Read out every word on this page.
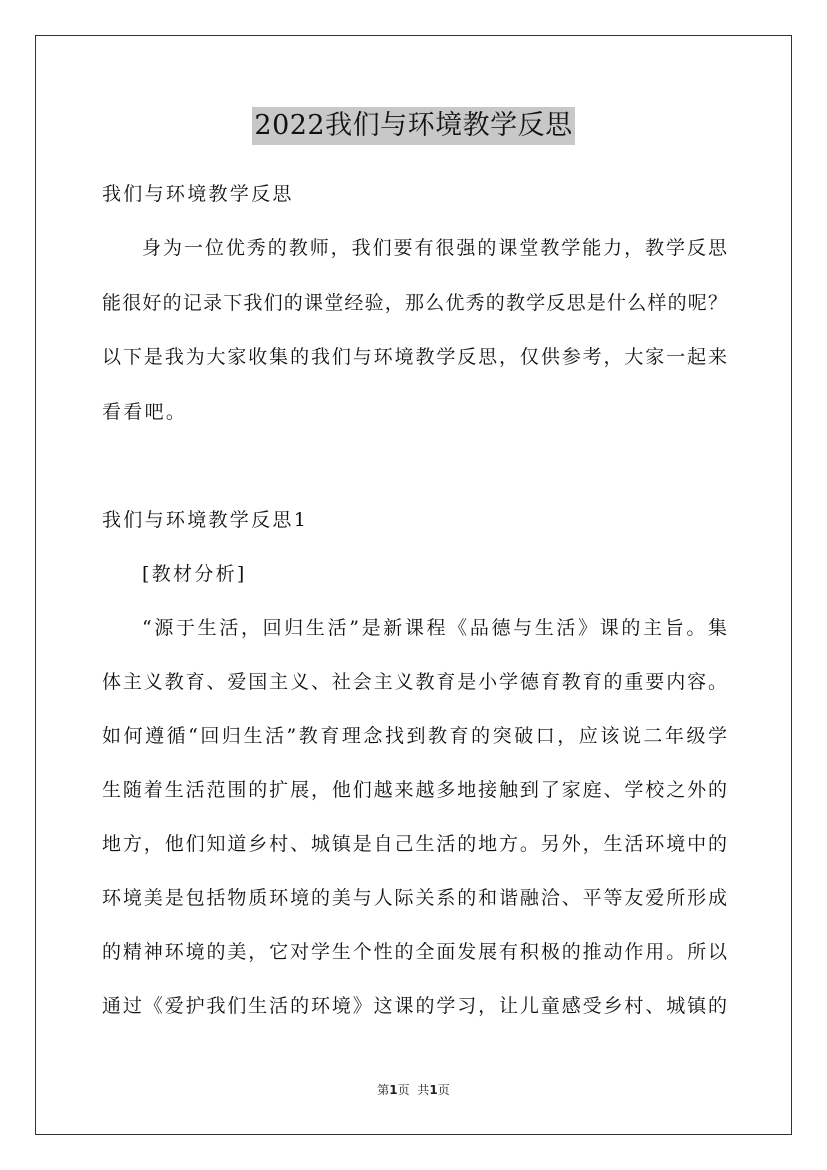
2022我们与环境教学反思

我们与环境教学反思

身为一位优秀的教师，我们要有很强的课堂教学能力，教学反思

能很好的记录下我们的课堂经验，那么优秀的教学反思是什么样的呢？

以下是我为大家收集的我们与环境教学反思，仅供参考，大家一起来

看看吧。

我们与环境教学反思1

[教材分析]

“源于生活，回归生活”是新课程《品德与生活》课的主旨。集

体主义教育、爱国主义、社会主义教育是小学德育教育的重要内容。

如何遵循“回归生活”教育理念找到教育的突破口，应该说二年级学

生随着生活范围的扩展，他们越来越多地接触到了家庭、学校之外的

地方，他们知道乡村、城镇是自己生活的地方。另外，生活环境中的

环境美是包括物质环境的美与人际关系的和谐融洽、平等友爱所形成

的精神环境的美，它对学生个性的全面发展有积极的推动作用。所以

通过《爱护我们生活的环境》这课的学习，让儿童感受乡村、城镇的

第1页 共1页
